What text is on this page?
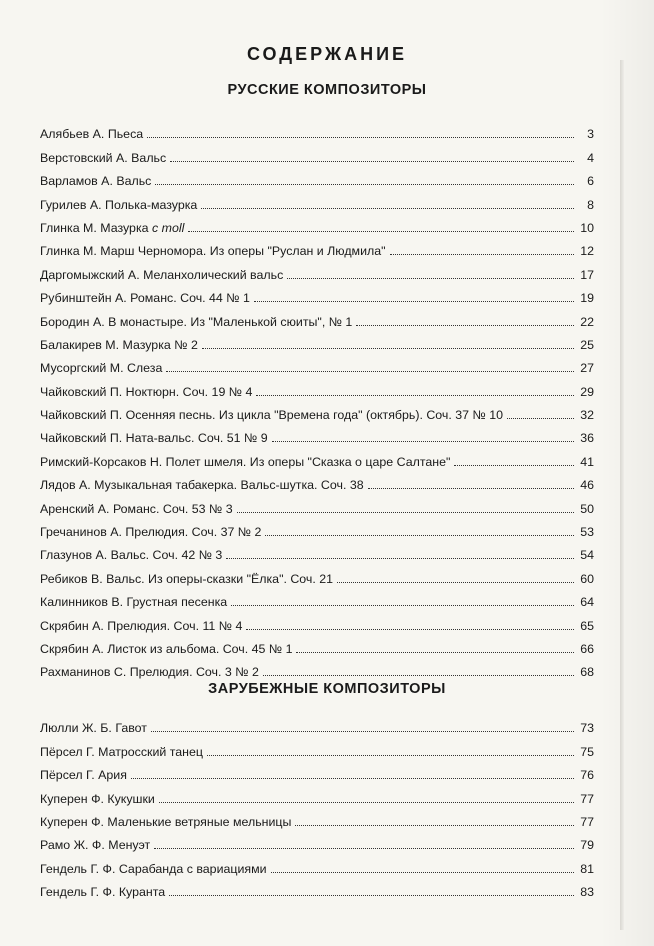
СОДЕРЖАНИЕ
РУССКИЕ КОМПОЗИТОРЫ
Алябьев А. Пьеса	3
Верстовский А. Вальс	4
Варламов А. Вальс	6
Гурилев А. Полька-мазурка	8
Глинка М. Мазурка c moll	10
Глинка М. Марш Черномора. Из оперы "Руслан и Людмила"	12
Даргомыжский А. Меланхолический вальс	17
Рубинштейн А. Романс. Соч. 44 № 1	19
Бородин А. В монастыре. Из "Маленькой сюиты", № 1	22
Балакирев М. Мазурка № 2	25
Мусоргский М. Слеза	27
Чайковский П. Ноктюрн. Соч. 19 № 4	29
Чайковский П. Осенняя песнь. Из цикла "Времена года" (октябрь). Соч. 37 № 10	32
Чайковский П. Ната-вальс. Соч. 51 № 9	36
Римский-Корсаков Н. Полет шмеля. Из оперы "Сказка о царе Салтане"	41
Лядов А. Музыкальная табакерка. Вальс-шутка. Соч. 38	46
Аренский А. Романс. Соч. 53 № 3	50
Гречанинов А. Прелюдия. Соч. 37 № 2	53
Глазунов А. Вальс. Соч. 42 № 3	54
Ребиков В. Вальс. Из оперы-сказки "Ёлка". Соч. 21	60
Калинников В. Грустная песенка	64
Скрябин А. Прелюдия. Соч. 11 № 4	65
Скрябин А. Листок из альбома. Соч. 45 № 1	66
Рахманинов С. Прелюдия. Соч. 3 № 2	68
ЗАРУБЕЖНЫЕ КОМПОЗИТОРЫ
Люлли Ж. Б. Гавот	73
Пёрсел Г. Матросский танец	75
Пёрсел Г. Ария	76
Куперен Ф. Кукушки	77
Куперен Ф. Маленькие ветряные мельницы	77
Рамо Ж. Ф. Менуэт	79
Гендель Г. Ф. Сарабанда с вариациями	81
Гендель Г. Ф. Куранта	83
